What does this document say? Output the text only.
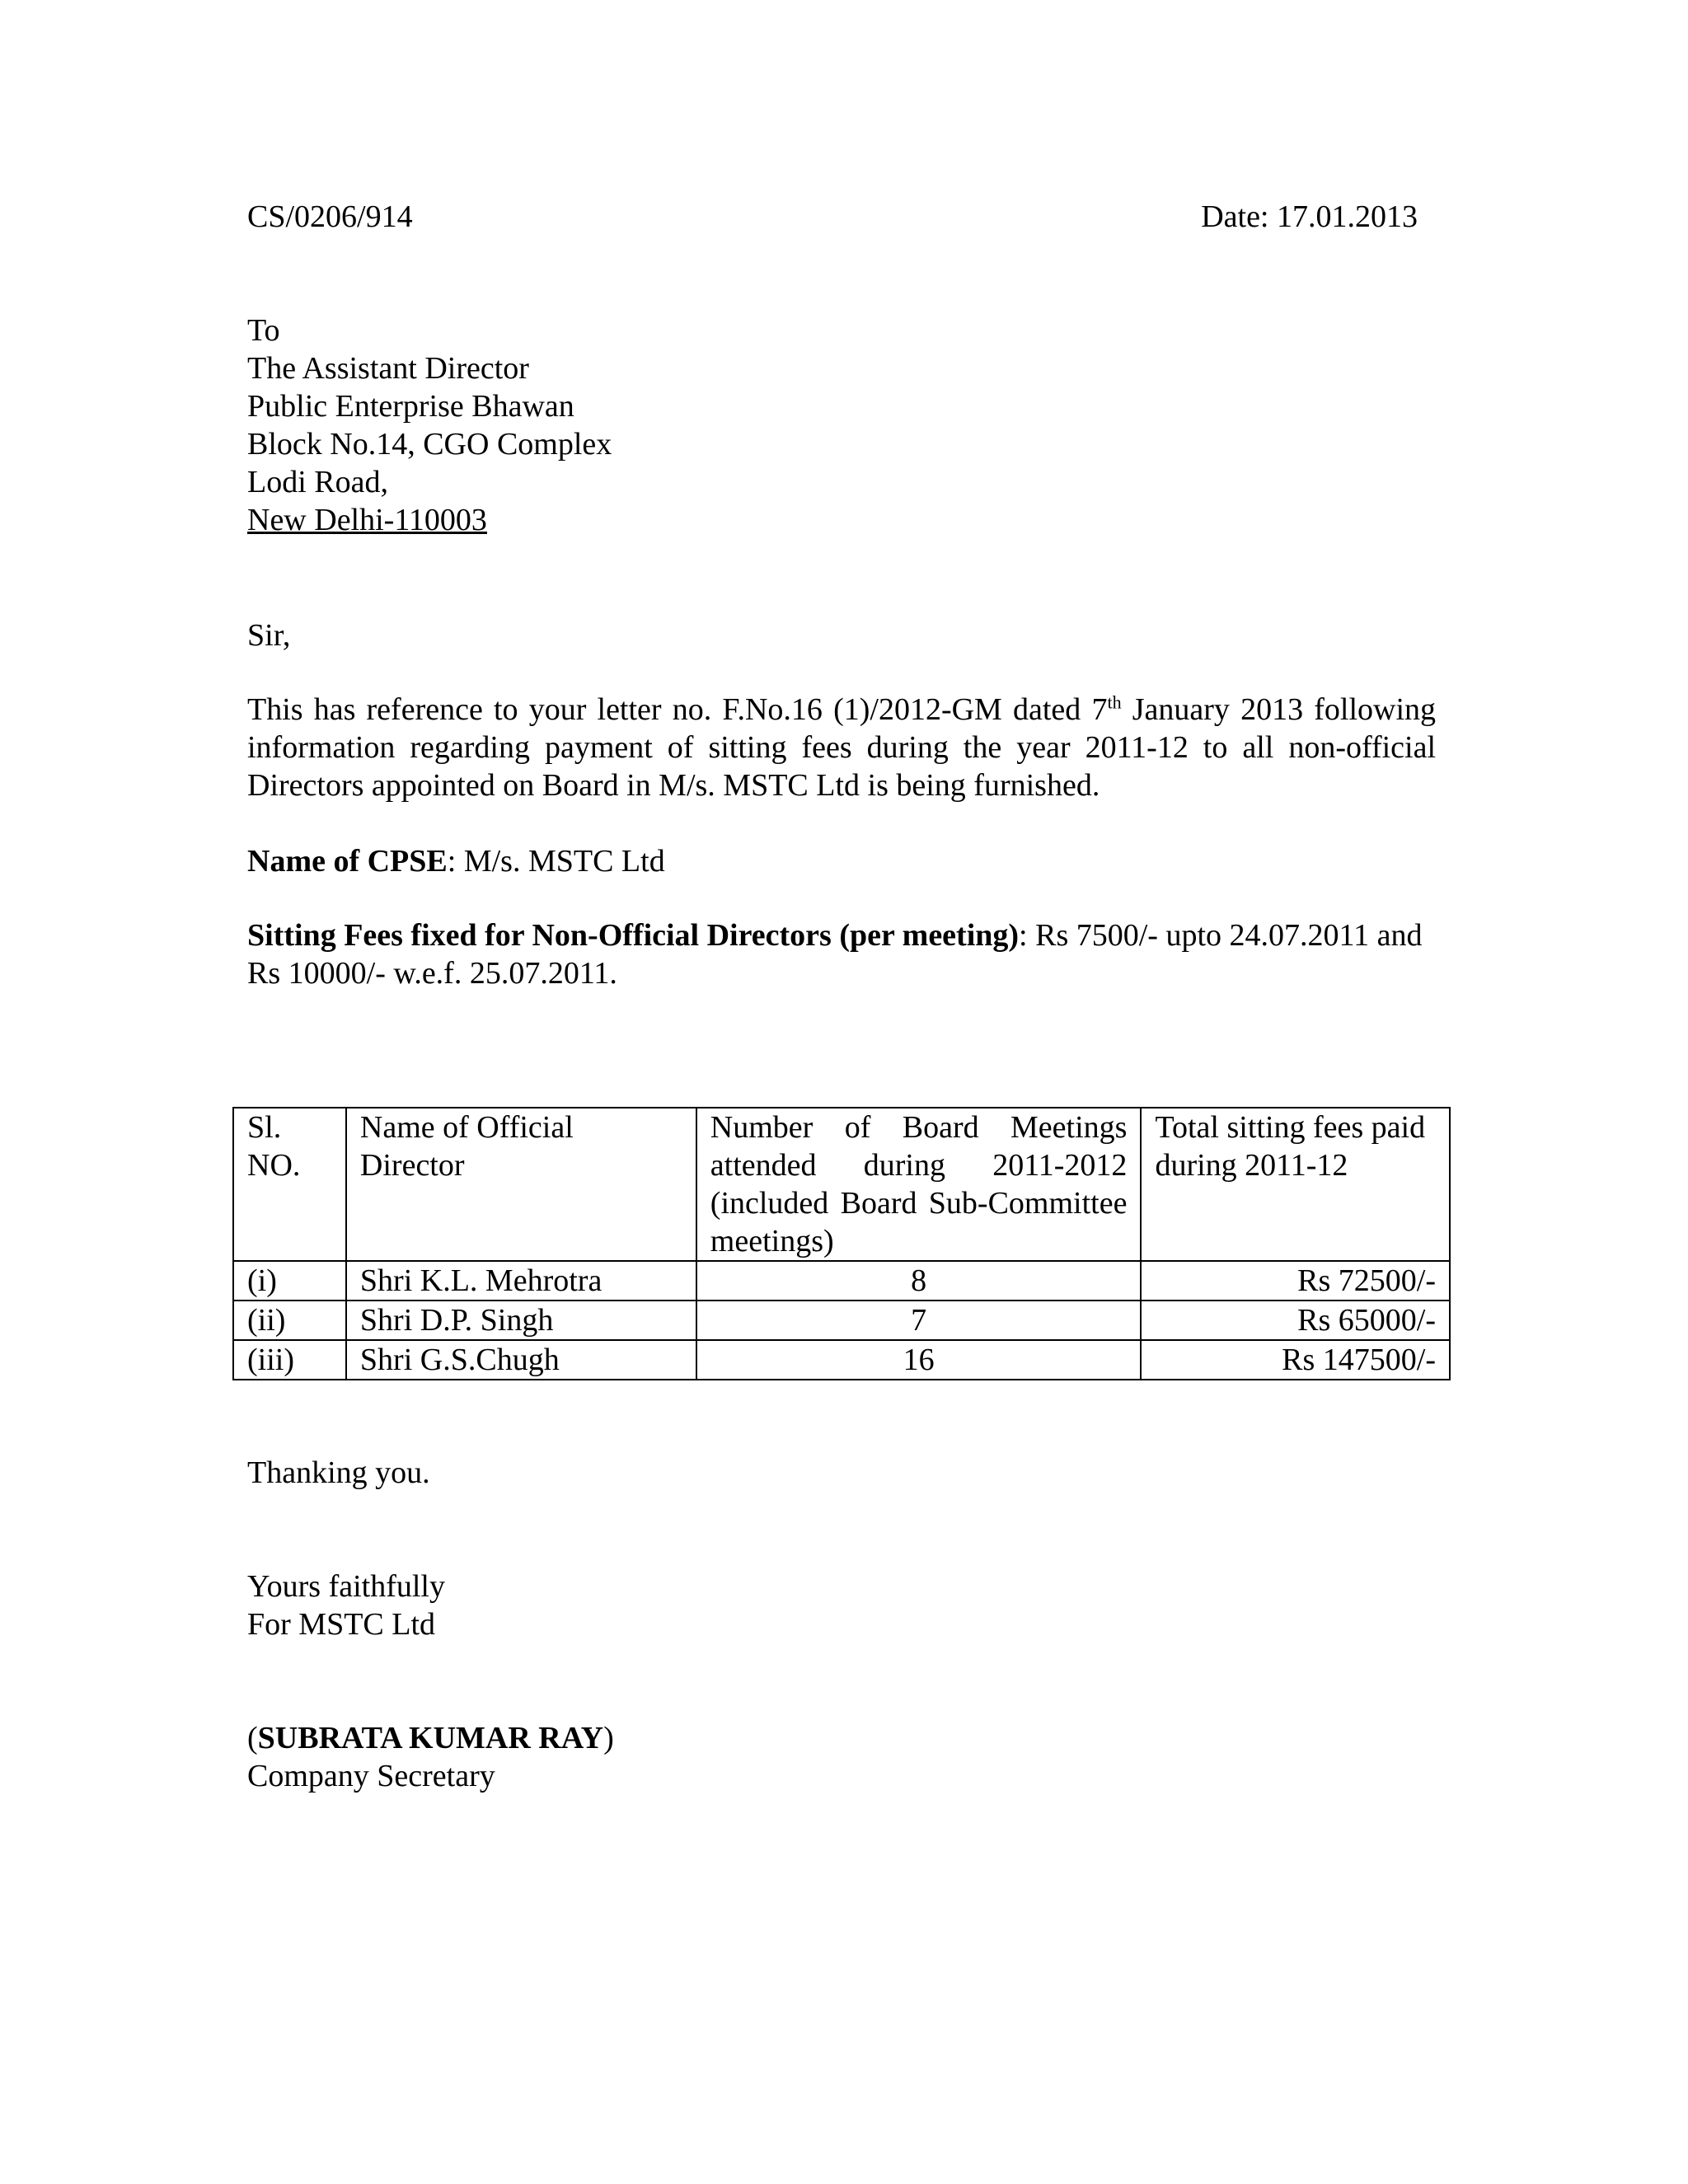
CS/0206/914	Date: 17.01.2013
To
The Assistant Director
Public Enterprise Bhawan
Block No.14, CGO Complex
Lodi Road,
New Delhi-110003
Sir,
This has reference to your letter no. F.No.16 (1)/2012-GM dated 7th January 2013 following information regarding payment of sitting fees during the year 2011-12 to all non-official Directors appointed on Board in M/s. MSTC Ltd is being furnished.
Name of CPSE: M/s. MSTC Ltd
Sitting Fees fixed for Non-Official Directors (per meeting): Rs 7500/- upto 24.07.2011 and Rs 10000/- w.e.f. 25.07.2011.
Sl. NO.	Name of Official Director	Number of Board Meetings attended during 2011-2012 (included Board Sub-Committee meetings)	Total sitting fees paid during 2011-12
(i)	Shri K.L. Mehrotra	8	Rs 72500/-
(ii)	Shri D.P. Singh	7	Rs 65000/-
(iii)	Shri G.S.Chugh	16	Rs 147500/-
Thanking you.
Yours faithfully
For MSTC Ltd
(SUBRATA KUMAR RAY)
Company Secretary
